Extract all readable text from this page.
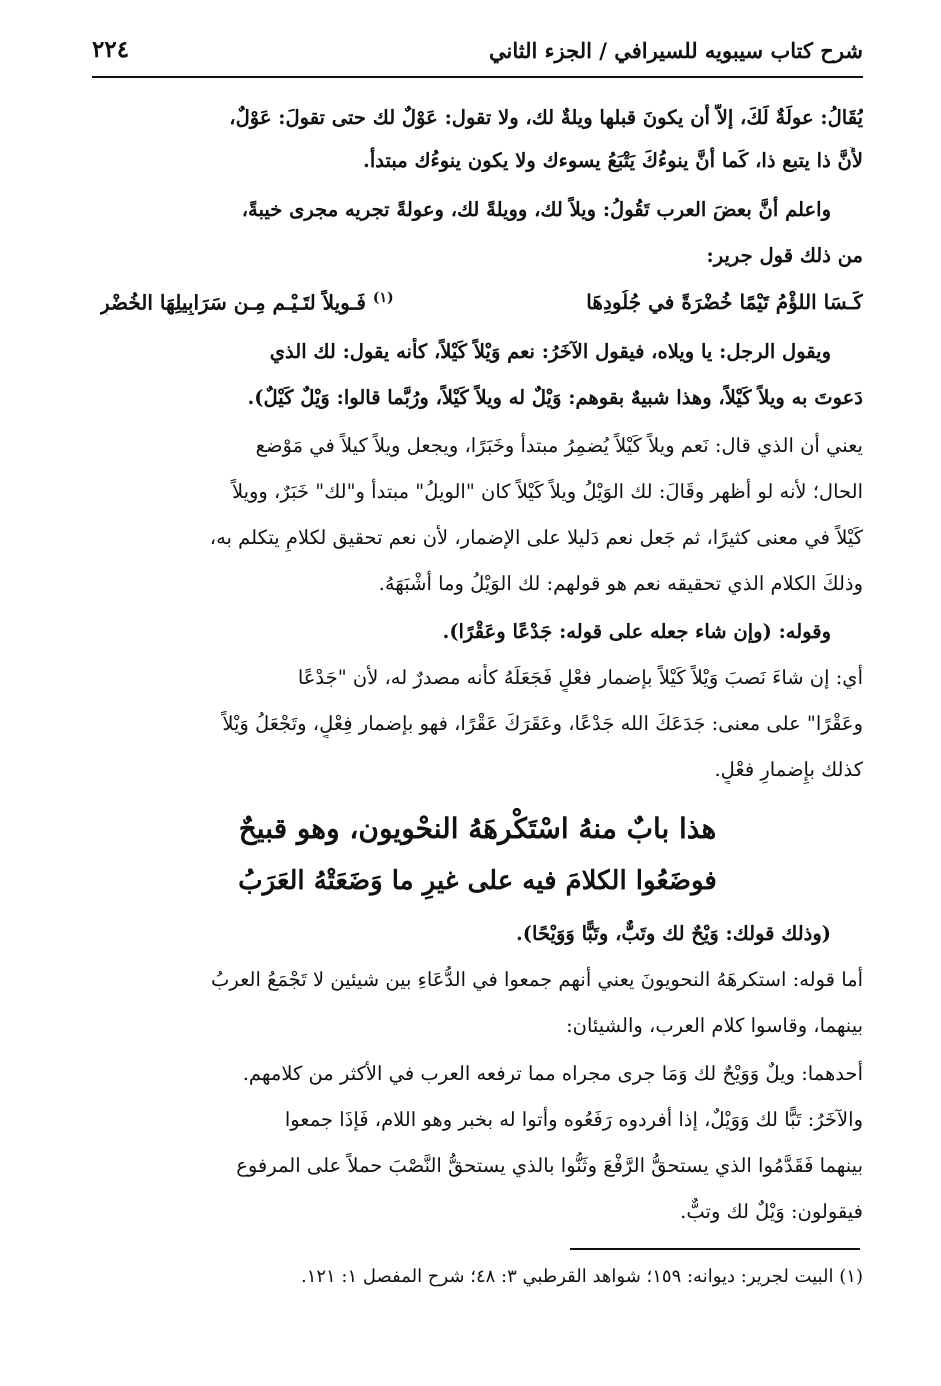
شرح كتاب سيبويه للسيرافي / الجزء الثاني
٢٢٤
يُقَالُ: عولَةٌ لَكَ، إلاَّ أَن يكونَ قبلها ويلةٌ لك، ولا تقول: عَوْلٌ لك حتى تقولَ: عَوْلٌ،
لأَنَّ ذا يتبع ذا، كَما أَنَّ ينوءُكَ يَتْبَعُ يسوءك ولا يكون ينوءُك مبتدأ.
واعلم أنَّ بعضَ العرب تَقُولُ: ويلاً لك، وويلةً لك، وعولةً تجريه مجرى خيبةً،
من ذلك قول جرير:
كَـسَا اللؤْمُ تَيْمًا خُضْرَةً في جُلُودِهَا
$^{(١)}$ فَـويلاً لتَـيْـمٍ مِـن سَرَابِيلِهَا الخُضْرِ
ويقول الرجل: يا ويلاه، فيقول الآخَرُ: نعم وَيْلاً كَيْلاً، كأنه يقول: لك الذي
دَعوتَ به ويلاً كَيْلاً، وهذا شبيهٌ بقوهم: وَيْلٌ له ويلاً كَيْلاً، ورُبَّما قالوا: وَيْلٌ كَيْلٌ).
يعني أن الذي قال: نَعم ويلاً كَيْلاً يُضمِرُ مبتدأً وخَبَرًا، ويجعل ويلاً كيلاً في مَوْضع
الحال؛ لأنه لو أَظهر وقَالَ: لك الوَيْلُ ويلاً كَيْلاً كان "الويلُ" مبتدأً و"لك" خَبَرٌ، وويلاً
كَيْلاً في معنى كثيرًا، ثم جَعل نعم دَليلا على الإضمار، لأن نعم تحقيق لكلامٍ يتكلم به،
وذلكَ الكلام الذي تحقيقه نعم هو قولهم: لك الوَيْلُ وما أَشْبَهَهُ.
وقوله: (وإن شاء جعله على قوله: جَدْعًا وعَقْرًا).
أي: إن شاءَ نَصبَ وَيْلاً كَيْلاً بإضمار فعْلٍ فَجَعَلَهُ كأنه مصدرٌ له، لأن "جَدْعًا
وعَقْرًا" على معنى: جَدَعَكَ الله جَدْعًا، وعَقَرَكَ عَقْرًا، فهو بإضمار فِعْلٍ، وتَجْعَلُ وَيْلاً
كذلك بإِضمارِ فعْلٍ.
هذا بابٌ منهُ اسْتَكْرهَهُ النحْويون، وهو قبيحٌ
فوضَعُوا الكلامَ فيه على غيرِ ما وَضَعَتْهُ العَرَبُ
(وذلك قولك: وَيْحٌ لك وتَبٌّ، وتَبًّا وَوَيْحًا).
أما قوله: استكرهَهُ النحويونَ يعني أنهم جمعوا في الدُّعَاءِ بين شيئين لا تَجْمَعُ العربُ
بينهما، وقاسوا كلام العرب، والشيئان:
أحدهما: ويلٌ وَوَيْحٌ لك وَمَا جرى مجراه مما ترفعه العرب في الأكثر من كلامهم.
والآخَرُ: تَبًّا لك وَوَيْلٌ، إذا أفردوه رَفَعُوه وأتوا له بخبر وهو اللام، فَإذَا جمعوا
بينهما فَقَدَّمُوا الذي يستحقُّ الرَّفْعَ وثَنُّوا بالذي يستحقُّ النَّصْبَ حملاً على المرفوع
فيقولون: وَيْلٌ لك وتبٌّ.
(١) البيت لجرير: ديوانه: ١٥٩؛ شواهد القرطبي ٣: ٤٨؛ شرح المفصل ١: ١٢١.
